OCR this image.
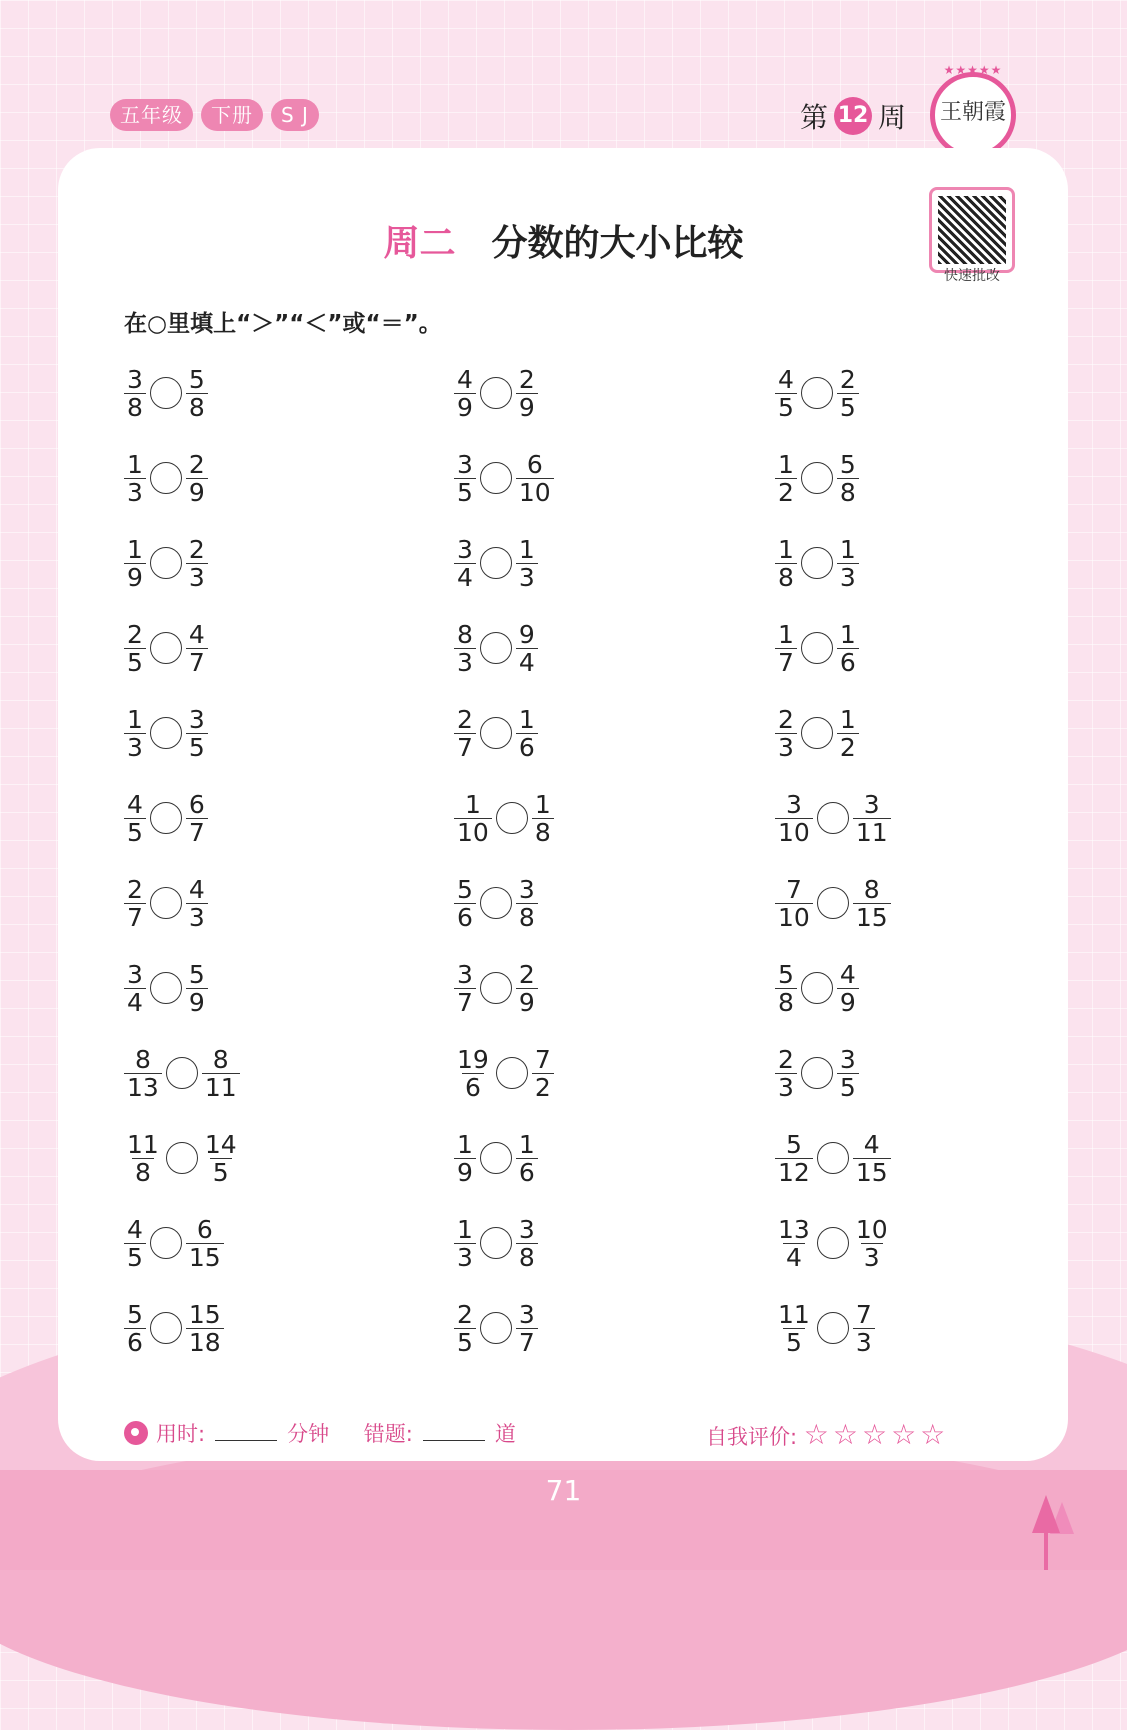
五年级	下册	S J	第 12 周
★★★★★
王朝霞
周二 分数的大小比较
快速批改
在○里填上“＞”“＜”或“＝”。
$\frac{3}{8} \frac{5}{8}$	$\frac{4}{9} \frac{2}{9}$	$\frac{4}{5} \frac{2}{5}$
$\frac{1}{3} \frac{2}{9}$	$\frac{3}{5} \frac{6}{10}$	$\frac{1}{2} \frac{5}{8}$
$\frac{1}{9} \frac{2}{3}$	$\frac{3}{4} \frac{1}{3}$	$\frac{1}{8} \frac{1}{3}$
$\frac{2}{5} \frac{4}{7}$	$\frac{8}{3} \frac{9}{4}$	$\frac{1}{7} \frac{1}{6}$
$\frac{1}{3} \frac{3}{5}$	$\frac{2}{7} \frac{1}{6}$	$\frac{2}{3} \frac{1}{2}$
$\frac{4}{5} \frac{6}{7}$	$\frac{1}{10} \frac{1}{8}$	$\frac{3}{10} \frac{3}{11}$
$\frac{2}{7} \frac{4}{3}$	$\frac{5}{6} \frac{3}{8}$	$\frac{7}{10} \frac{8}{15}$
$\frac{3}{4} \frac{5}{9}$	$\frac{3}{7} \frac{2}{9}$	$\frac{5}{8} \frac{4}{9}$
$\frac{8}{13} \frac{8}{11}$	$\frac{19}{6} \frac{7}{2}$	$\frac{2}{3} \frac{3}{5}$
$\frac{11}{8} \frac{14}{5}$	$\frac{1}{9} \frac{1}{6}$	$\frac{5}{12} \frac{4}{15}$
$\frac{4}{5} \frac{6}{15}$	$\frac{1}{3} \frac{3}{8}$	$\frac{13}{4} \frac{10}{3}$
$\frac{5}{6} \frac{15}{18}$	$\frac{2}{5} \frac{3}{7}$	$\frac{11}{5} \frac{7}{3}$
用时:	分钟 错题:	道	自我评价: ☆☆☆☆☆
71
